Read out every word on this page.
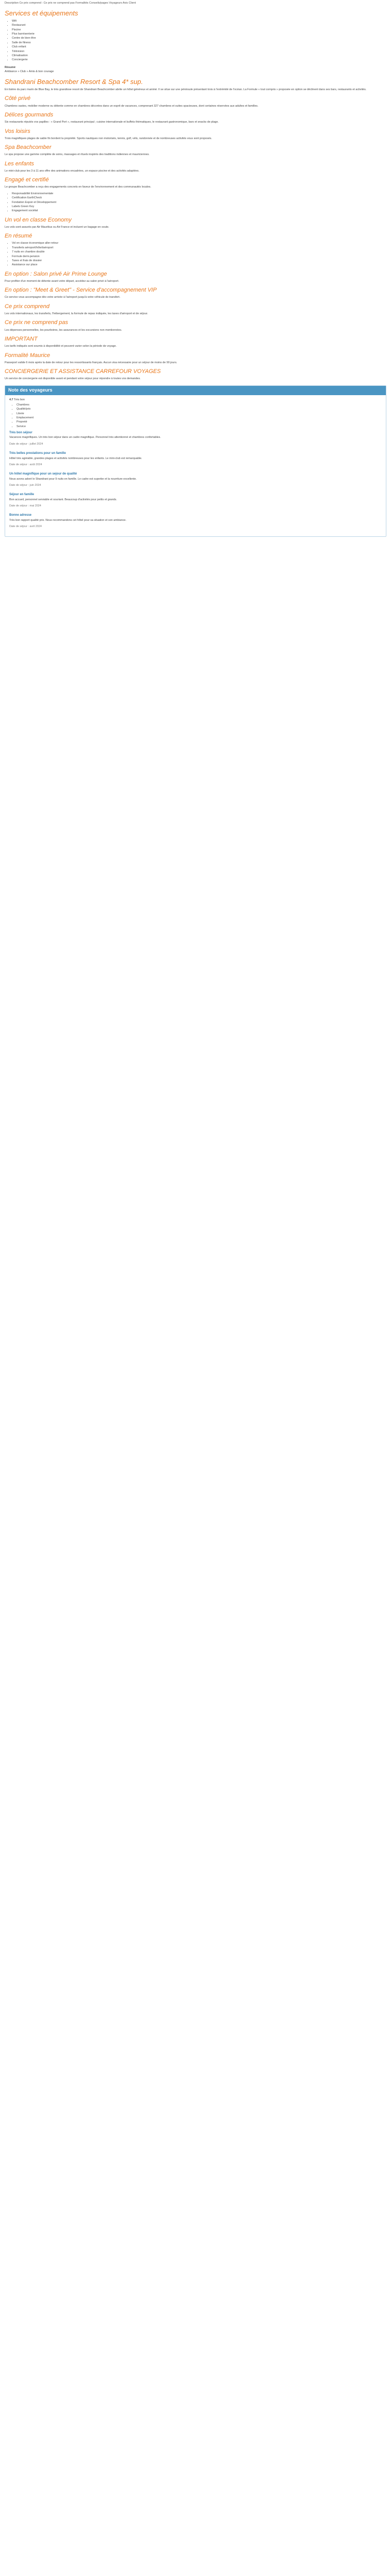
Description Ce prix comprend : Ce prix ne comprend pas Formalités Conseils/pages Voyageurs Avis Client
Services et équipements
• Wifi
• Restaurant
• Piscine
• Plus barrésenterie
• Centre de bien-être
• Salle de fitness
• Club enfant
• Télévision
• Climatisation
• Conciergerie
Résumé
Ambiance » Club » Amis & bon courage
Shandrani Beachcomber Resort & Spa 4* sup.

En lisière du parc marin de Blue Bay, le très grandiose resort de Shandrani Beachcomber abrite un hôtel généreux et animé. Il se situe sur une péninsule présentant trois à l'extrémité de l'océan. La Formule « tout compris » proposée en option se déclinent dans ses bars, restaurants et activités.

Côté privé

Chambres vastes, mobilier moderne ou détente comme en chambres décorées dans un esprit de vacances, comprenant 327 chambres et suites spacieuses, dont certaines réservées aux adultes et familles.

Délices gourmands

Six restaurants réputés vos papilles : « Grand Port », restaurant principal ; cuisine internationale et buffets thématiques, le restaurant gastronomique, bars et snacks de plage.

Vos loisirs

Trois magnifiques plages de sable fin bordent la propriété. Sports nautiques non motorisés, tennis, golf, vélo, randonnée et de nombreuses activités vous sont proposés.

Spa Beachcomber

Le spa propose une gamme complète de soins, massages et rituels inspirés des traditions indiennes et mauriciennes.

Les enfants

Le mini-club pour les 3 à 11 ans offre des animations encadrées, un espace piscine et des activités adaptées.

Engagé et certifié

Le groupe Beachcomber a reçu des engagements concrets en faveur de l'environnement et des communautés locales.

• Responsabilité Environnementale
• Certification EarthCheck
• Fondation Espoir et Développement
• Labels Green Key
• Engagement sociétal
Un vol en classe Economy

Les vols sont assurés par Air Mauritius ou Air France et incluent un bagage en soute.

En résumé
• Vol en classe économique aller-retour
• Transferts aéroport/hôtel/aéroport
• 7 nuits en chambre double
• Formule demi-pension
• Taxes et frais de dossier
• Assistance sur place
En option : Salon privé Air Prime Lounge

Pour profiter d'un moment de détente avant votre départ, accédez au salon privé à l'aéroport.

En option : "Meet & Greet" - Service d'accompagnement VIP

Ce service vous accompagne dès votre arrivée à l'aéroport jusqu'à votre véhicule de transfert.

Ce prix comprend

Les vols internationaux, les transferts, l'hébergement, la formule de repas indiquée, les taxes d'aéroport et de séjour.

Ce prix ne comprend pas

Les dépenses personnelles, les pourboires, les assurances et les excursions non mentionnées.

IMPORTANT

Les tarifs indiqués sont soumis à disponibilité et peuvent varier selon la période de voyage.

Formalité Maurice

Passeport valide 6 mois après la date de retour pour les ressortissants français. Aucun visa nécessaire pour un séjour de moins de 90 jours.

CONCIERGERIE ET ASSISTANCE CARREFOUR VOYAGES

Un service de conciergerie est disponible avant et pendant votre séjour pour répondre à toutes vos demandes.

Note des voyageurs
4.7 Très bon
• Chambres
• Qualité/prix
• Literie
• Emplacement
• Propreté
• Service
Très bon séjour

Vacances magnifiques. Un très bon séjour dans un cadre magnifique. Personnel très attentionné et chambres confortables.

Date de séjour : juillet 2024
Très belles prestations pour un famille

Hôtel très agréable, grandes plages et activités nombreuses pour les enfants. Le mini-club est remarquable.

Date de séjour : août 2024
Un hôtel magnifique pour un sejour de qualité

Nous avons adoré le Shandrani pour 9 nuits en famille. Le cadre est superbe et la nourriture excellente.

Date de séjour : juin 2024
Séjour en famille

Bon accueil, personnel serviable et souriant. Beaucoup d'activités pour petits et grands.

Date de séjour : mai 2024
Bonne adresse

Très bon rapport qualité prix. Nous recommandons cet hôtel pour sa situation et son ambiance.

Date de séjour : avril 2024
